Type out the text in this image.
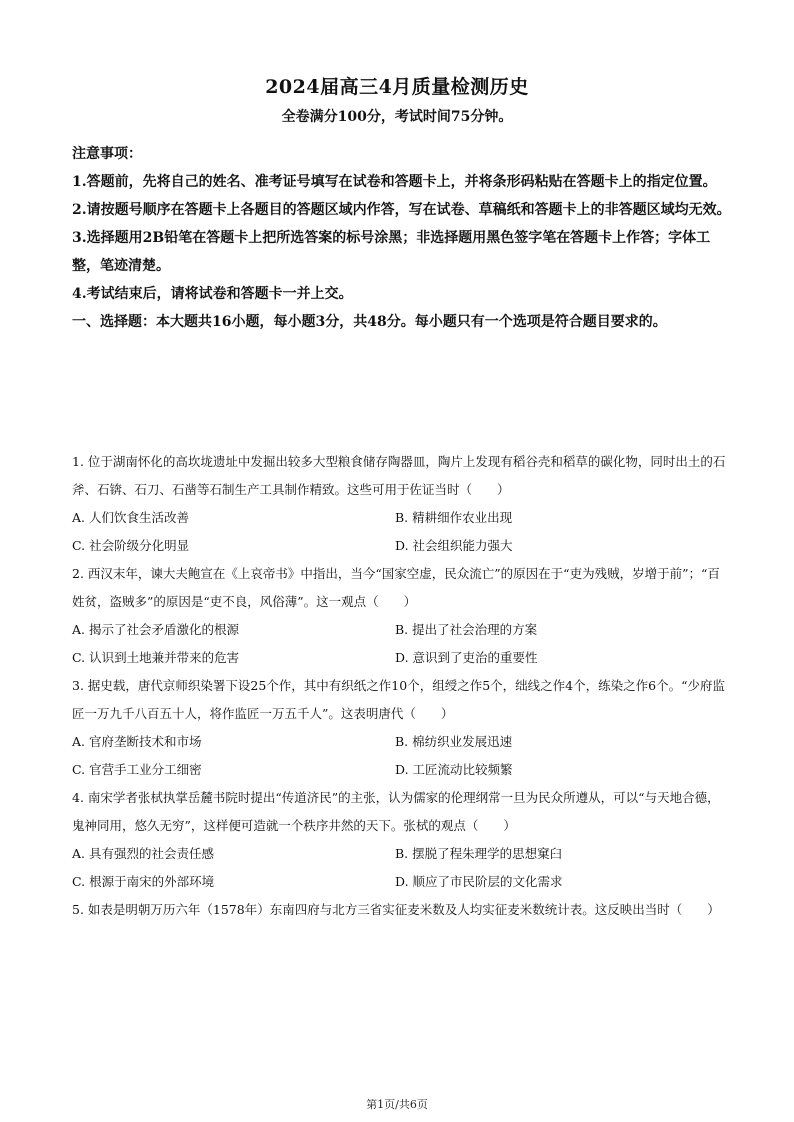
2024届高三4月质量检测历史
全卷满分100分，考试时间75分钟。

注意事项：

1.答题前，先将自己的姓名、准考证号填写在试卷和答题卡上，并将条形码粘贴在答题卡上的指定位置。

2.请按题号顺序在答题卡上各题目的答题区域内作答，写在试卷、草稿纸和答题卡上的非答题区域均无效。

3.选择题用2B铅笔在答题卡上把所选答案的标号涂黑；非选择题用黑色签字笔在答题卡上作答；字体工整，笔迹清楚。

4.考试结束后，请将试卷和答题卡一并上交。

一、选择题：本大题共16小题，每小题3分，共48分。每小题只有一个选项是符合题目要求的。

1. 位于湖南怀化的高坎垅遗址中发掘出较多大型粮食储存陶器皿，陶片上发现有稻谷壳和稻草的碳化物，同时出土的石斧、石锛、石刀、石凿等石制生产工具制作精致。这些可用于佐证当时（　　）

A. 人们饮食生活改善	B. 精耕细作农业出现
C. 社会阶级分化明显	D. 社会组织能力强大

2. 西汉末年，谏大夫鲍宣在《上哀帝书》中指出，当今“国家空虚，民众流亡”的原因在于“吏为残贼，岁增于前”；“百姓贫，盗贼多”的原因是“吏不良，风俗薄”。这一观点（　　）

A. 揭示了社会矛盾激化的根源	B. 提出了社会治理的方案
C. 认识到土地兼并带来的危害	D. 意识到了吏治的重要性

3. 据史载，唐代京师织染署下设25个作，其中有织纸之作10个，组绶之作5个，绌线之作4个，练染之作6个。“少府监匠一万九千八百五十人，将作监匠一万五千人”。这表明唐代（　　）

A. 官府垄断技术和市场	B. 棉纺织业发展迅速
C. 官营手工业分工细密	D. 工匠流动比较频繁

4. 南宋学者张栻执掌岳麓书院时提出“传道济民”的主张，认为儒家的伦理纲常一旦为民众所遵从，可以“与天地合德，鬼神同用，悠久无穷”，这样便可造就一个秩序井然的天下。张栻的观点（　　）

A. 具有强烈的社会责任感	B. 摆脱了程朱理学的思想窠臼
C. 根源于南宋的外部环境	D. 顺应了市民阶层的文化需求

5. 如表是明朝万历六年（1578年）东南四府与北方三省实征麦米数及人均实征麦米数统计表。这反映出当时（　　）

第1页/共6页
